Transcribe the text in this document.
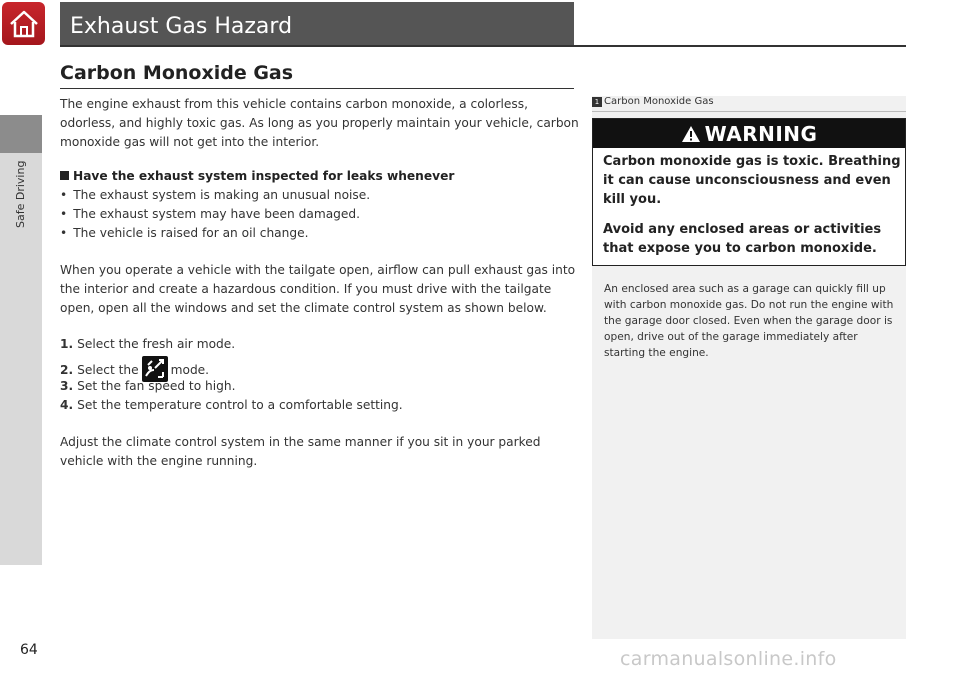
Safe Driving
64
Exhaust Gas Hazard
Carbon Monoxide Gas

The engine exhaust from this vehicle contains carbon monoxide, a colorless, odorless, and highly toxic gas. As long as you properly maintain your vehicle, carbon monoxide gas will not get into the interior.

Have the exhaust system inspected for leaks whenever
• The exhaust system is making an unusual noise.
• The exhaust system may have been damaged.
• The vehicle is raised for an oil change.

When you operate a vehicle with the tailgate open, airflow can pull exhaust gas into the interior and create a hazardous condition. If you must drive with the tailgate open, open all the windows and set the climate control system as shown below.

1. Select the fresh air mode.
2. Select the	mode.
3. Set the fan speed to high.
4. Set the temperature control to a comfortable setting.

Adjust the climate control system in the same manner if you sit in your parked vehicle with the engine running.

1 Carbon Monoxide Gas
WARNING
Carbon monoxide gas is toxic. Breathing it can cause unconsciousness and even kill you.
Avoid any enclosed areas or activities that expose you to carbon monoxide.

An enclosed area such as a garage can quickly fill up with carbon monoxide gas. Do not run the engine with the garage door closed. Even when the garage door is open, drive out of the garage immediately after starting the engine.

carmanualsonline.info
